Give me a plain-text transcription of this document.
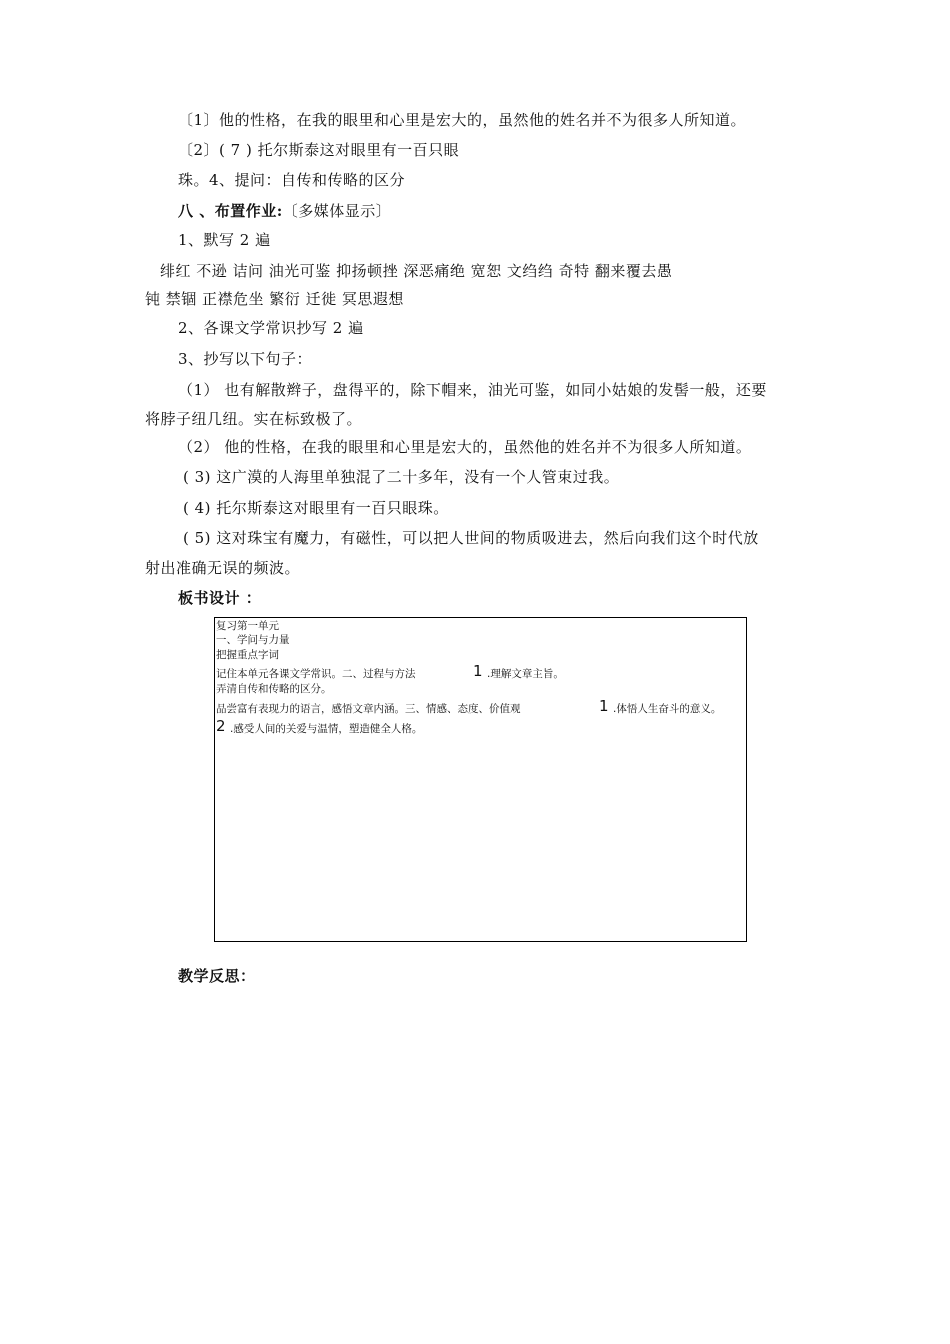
〔1〕他的性格，在我的眼里和心里是宏大的，虽然他的姓名并不为很多人所知道。
〔2〕( 7 ) 托尔斯泰这对眼里有一百只眼
珠。4、提问：自传和传略的区分
八 、布置作业:〔多媒体显示〕
1、默写 2 遍
绯红 不逊 诘问 油光可鉴 抑扬顿挫 深恶痛绝 宽恕 文绉绉 奇特 翻来覆去愚
钝 禁锢 正襟危坐 繁衍 迁徙 冥思遐想
2、各课文学常识抄写 2 遍
3、抄写以下句子：
（1） 也有解散辫子，盘得平的，除下帽来，油光可鉴，如同小姑娘的发髻一般，还要
将脖子纽几纽。实在标致极了。
（2） 他的性格，在我的眼里和心里是宏大的，虽然他的姓名并不为很多人所知道。
( 3) 这广漠的人海里单独混了二十多年，没有一个人管束过我。
( 4) 托尔斯泰这对眼里有一百只眼珠。
( 5) 这对珠宝有魔力，有磁性，可以把人世间的物质吸进去，然后向我们这个时代放
射出准确无误的频波。
板书设计 ：
复习第一单元
一、学问与力量
把握重点字词
记住本单元各课文学常识。二、过程与方法	1 .理解文章主旨。
弄清自传和传略的区分。
品尝富有表现力的语言，感悟文章内涵。三、情感、态度、价值观	1 .体悟人生奋斗的意义。
2 .感受人间的关爱与温情，塑造健全人格。
教学反思：
